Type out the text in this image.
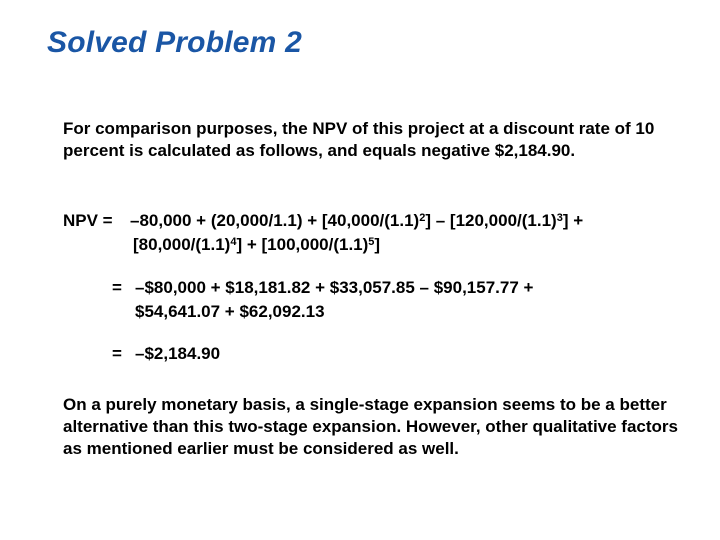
Solved Problem 2
For comparison purposes, the NPV of this project at a discount rate of 10 percent is calculated as follows, and equals negative $2,184.90.
NPV = $-80,000 + (20,000/1.1) + [40,000/(1.1)^2] - [120,000/(1.1)^3]$ +
$[80,000/(1.1)^4] + [100,000/(1.1)^5]$
= –$80,000 + $18,181.82 + $33,057.85 – $90,157.77 +
$54,641.07 + $62,092.13
= –$2,184.90
On a purely monetary basis, a single-stage expansion seems to be a better alternative than this two-stage expansion. However, other qualitative factors as mentioned earlier must be considered as well.
